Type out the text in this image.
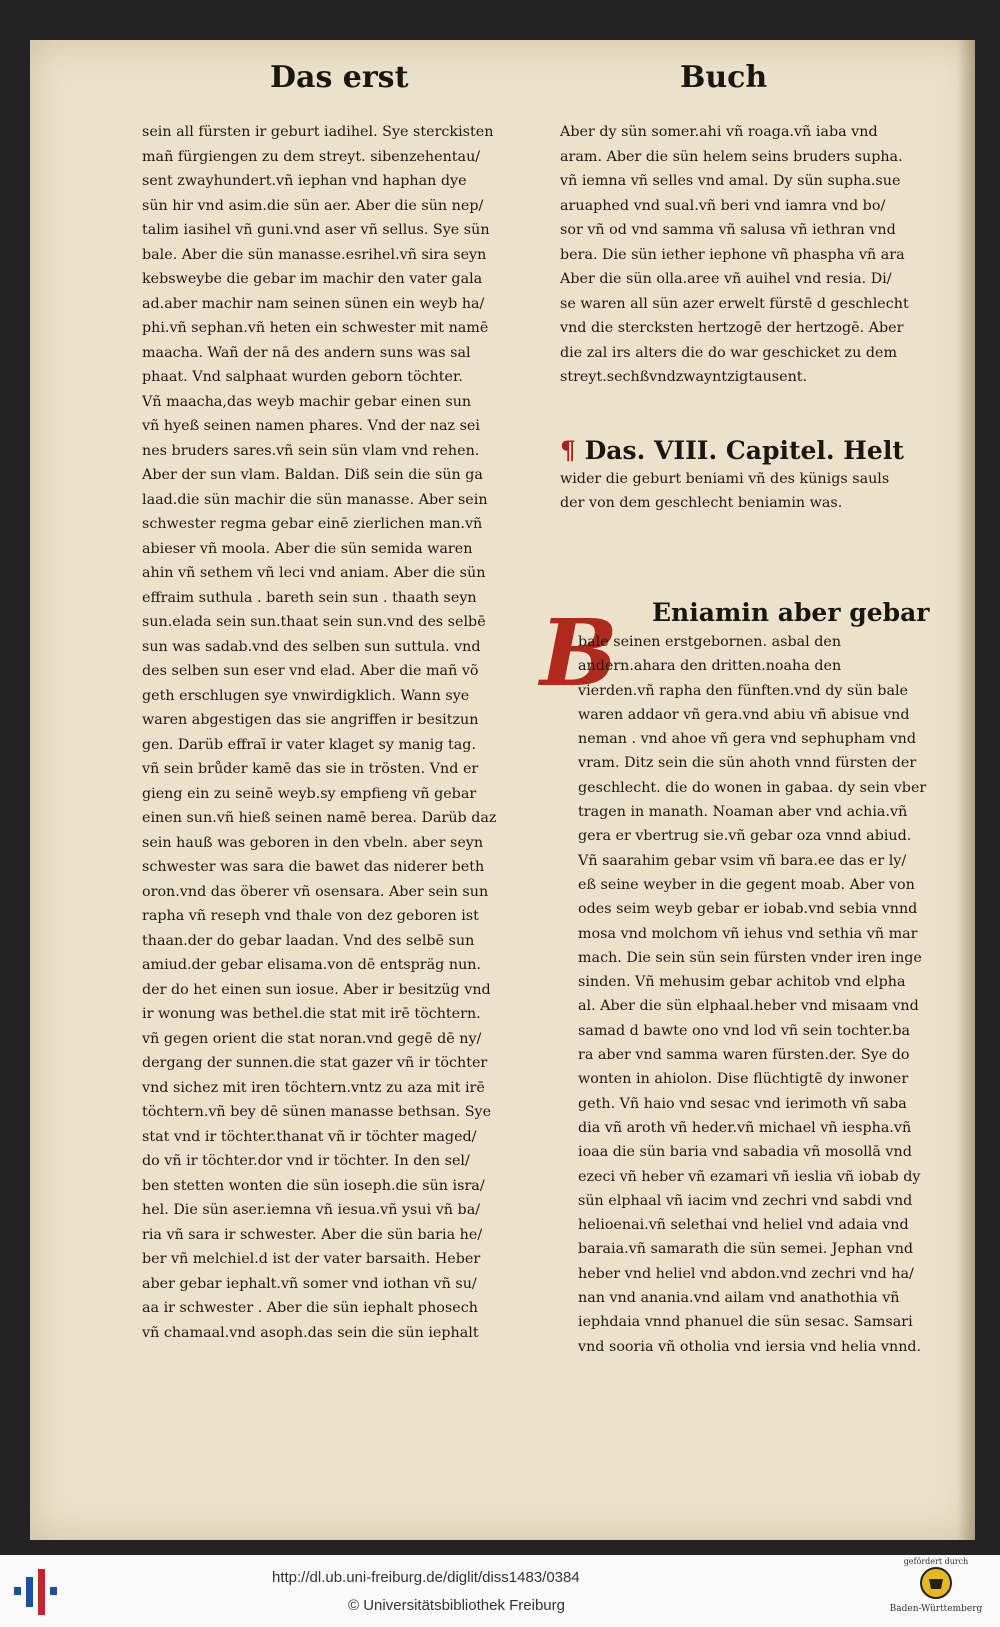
Das erst	Buch
sein all fürsten ir geburt iadihel. Sye sterckisten
mañ fürgiengen zu dem streyt. sibenzehentau/
sent zwayhundert.vñ iephan vnd haphan dye
sün hir vnd asim.die sün aer. Aber die sün nep/
talim iasihel vñ guni.vnd aser vñ sellus. Sye sün
bale. Aber die sün manasse.esrihel.vñ sira seyn
kebsweybe die gebar im machir den vater gala
ad.aber machir nam seinen sünen ein weyb ha/
phi.vñ sephan.vñ heten ein schwester mit namē
maacha. Wañ der nā des andern suns was sal
phaat. Vnd salphaat wurden geborn töchter.
Vñ maacha,das weyb machir gebar einen sun
vñ hyeß seinen namen phares. Vnd der naz sei
nes bruders sares.vñ sein sün vlam vnd rehen.
Aber der sun vlam. Baldan. Diß sein die sün ga
laad.die sün machir die sün manasse. Aber sein
schwester regma gebar einē zierlichen man.vñ
abieser vñ moola. Aber die sün semida waren
ahin vñ sethem vñ leci vnd aniam. Aber die sün
effraim suthula . bareth sein sun . thaath seyn
sun.elada sein sun.thaat sein sun.vnd des selbē
sun was sadab.vnd des selben sun suttula. vnd
des selben sun eser vnd elad. Aber die mañ võ
geth erschlugen sye vnwirdigklich. Wann sye
waren abgestigen das sie angriffen ir besitzun
gen. Darüb effraī ir vater klaget sy manig tag.
vñ sein brůder kamē das sie in trösten. Vnd er
gieng ein zu seinē weyb.sy empfieng vñ gebar
einen sun.vñ hieß seinen namē berea. Darüb daz
sein hauß was geboren in den vbeln. aber seyn
schwester was sara die bawet das niderer beth
oron.vnd das öberer vñ osensara. Aber sein sun
rapha vñ reseph vnd thale von dez geboren ist
thaan.der do gebar laadan. Vnd des selbē sun
amiud.der gebar elisama.von dē entspräg nun.
der do het einen sun iosue. Aber ir besitzüg vnd
ir wonung was bethel.die stat mit irē töchtern.
vñ gegen orient die stat noran.vnd gegē dē ny/
dergang der sunnen.die stat gazer vñ ir töchter
vnd sichez mit iren töchtern.vntz zu aza mit irē
töchtern.vñ bey dē sünen manasse bethsan. Sye
stat vnd ir töchter.thanat vñ ir töchter maged/
do vñ ir töchter.dor vnd ir töchter. In den sel/
ben stetten wonten die sün ioseph.die sün isra/
hel. Die sün aser.iemna vñ iesua.vñ ysui vñ ba/
ria vñ sara ir schwester. Aber die sün baria he/
ber vñ melchiel.d ist der vater barsaith. Heber
aber gebar iephalt.vñ somer vnd iothan vñ su/
aa ir schwester . Aber die sün iephalt phosech
vñ chamaal.vnd asoph.das sein die sün iephalt
Aber dy sün somer.ahi vñ roaga.vñ iaba vnd
aram. Aber die sün helem seins bruders supha.
vñ iemna vñ selles vnd amal. Dy sün supha.sue
aruaphed vnd sual.vñ beri vnd iamra vnd bo/
sor vñ od vnd samma vñ salusa vñ iethran vnd
bera. Die sün iether iephone vñ phaspha vñ ara
Aber die sün olla.aree vñ auihel vnd resia. Di/
se waren all sün azer erwelt fürstē d geschlecht
vnd die stercksten hertzogē der hertzogē. Aber
die zal irs alters die do war geschicket zu dem
streyt.sechßvndzwayntzigtausent.
¶ Das. VIII. Capitel. Helt
wider die geburt beniami vñ des künigs sauls
der von dem geschlecht beniamin was.
B	Eniamin aber gebar
bale seinen erstgebornen. asbal den
andern.ahara den dritten.noaha den
vierden.vñ rapha den fünften.vnd dy sün bale
waren addaor vñ gera.vnd abiu vñ abisue vnd
neman . vnd ahoe vñ gera vnd sephupham vnd
vram. Ditz sein die sün ahoth vnnd fürsten der
geschlecht. die do wonen in gabaa. dy sein vber
tragen in manath. Noaman aber vnd achia.vñ
gera er vbertrug sie.vñ gebar oza vnnd abiud.
Vñ saarahim gebar vsim vñ bara.ee das er ly/
eß seine weyber in die gegent moab. Aber von
odes seim weyb gebar er iobab.vnd sebia vnnd
mosa vnd molchom vñ iehus vnd sethia vñ mar
mach. Die sein sün sein fürsten vnder iren inge
sinden. Vñ mehusim gebar achitob vnd elpha
al. Aber die sün elphaal.heber vnd misaam vnd
samad d bawte ono vnd lod vñ sein tochter.ba
ra aber vnd samma waren fürsten.der. Sye do
wonten in ahiolon. Dise flüchtigtē dy inwoner
geth. Vñ haio vnd sesac vnd ierimoth vñ saba
dia vñ aroth vñ heder.vñ michael vñ iespha.vñ
ioaa die sün baria vnd sabadia vñ mosollā vnd
ezeci vñ heber vñ ezamari vñ ieslia vñ iobab dy
sün elphaal vñ iacim vnd zechri vnd sabdi vnd
helioenai.vñ selethai vnd heliel vnd adaia vnd
baraia.vñ samarath die sün semei. Jephan vnd
heber vnd heliel vnd abdon.vnd zechri vnd ha/
nan vnd anania.vnd ailam vnd anathothia vñ
iephdaia vnnd phanuel die sün sesac. Samsari
vnd sooria vñ otholia vnd iersia vnd helia vnnd.
http://dl.ub.uni-freiburg.de/diglit/diss1483/0384
© Universitätsbibliothek Freiburg
gefördert durch
Baden-Württemberg
